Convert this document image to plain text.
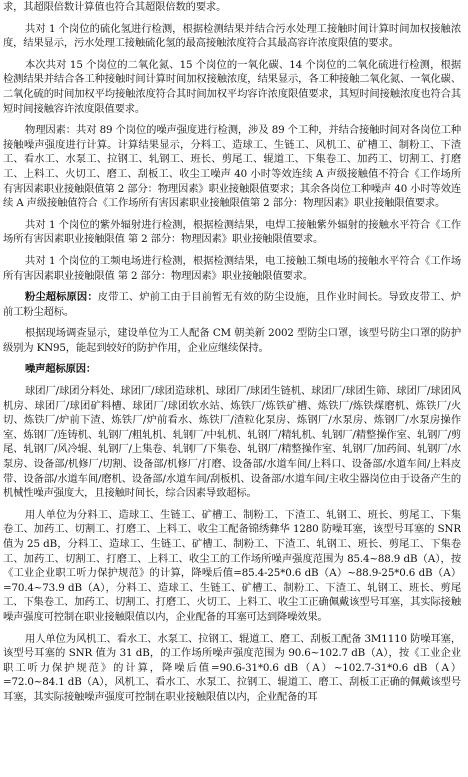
求，其超限倍数计算值也符合其超限倍数的要求。

共对 1 个岗位的硫化氢进行检测，根据检测结果并结合污水处理工接触时间计算时间加权接触浓度，结果显示，污水处理工接触硫化氢的最高接触浓度符合其最高容许浓度限值的要求。

本次共对 15 个岗位的二氧化氮、15 个岗位的一氧化碳、14 个岗位的二氧化硫进行检测，根据检测结果并结合各工种接触时间计算时间加权接触浓度，结果显示，各工种接触二氧化氮、一氧化碳、二氧化硫的时间加权平均接触浓度符合其时间加权平均容许浓度限值要求，其短时间接触浓度也符合其短时间接触容许浓度限值要求。

物理因素：共对 89 个岗位的噪声强度进行检测，涉及 89 个工种，并结合接触时间对各岗位工种接触噪声强度进行计算。计算结果显示，分料工、造球工、生链工、风机工、矿槽工、制粉工、下渣工、看水工、水泵工、拉钢工、轧钢工、班长、剪尾工、辊道工、下集卷工、加药工、切割工、打磨工、上料工、火切工、磨工、刮板工、收尘工噪声 40 小时等效连续 A 声级接触值不符合《工作场所有害因素职业接触限值第 2 部分：物理因素》职业接触限值要求；其余各岗位工种噪声 40 小时等效连续 A 声级接触值符合《工作场所有害因素职业接触限值第 2 部分：物理因素》职业接触限值要求。

共对 1 个岗位的紫外辐射进行检测，根据检测结果，电焊工接触紫外辐射的接触水平符合《工作场所有害因素职业接触限值 第 2 部分：物理因素》职业接触限值要求。

共对 1 个岗位的工频电场进行检测，根据检测结果，电工接触工频电场的接触水平符合《工作场所有害因素职业接触限值 第 2 部分：物理因素》职业接触限值要求。

粉尘超标原因：皮带工、炉前工由于目前暂无有效的防尘设施，且作业时间长。导致皮带工、炉前工粉尘超标。

根据现场调查显示，建设单位为工人配备 CM 朝美新 2002 型防尘口罩，该型号防尘口罩的防护级别为 KN95，能起到较好的防护作用，企业应继续保持。

噪声超标原因：

球团厂/球团分料处、球团厂/球团造球机、球团厂/球团生链机、球团厂/球团生筛、球团厂/球团风机房、球团厂/球团矿料槽、球团厂/球团软水站、炼铁厂/炼铁矿槽、炼铁厂/炼铁煤磨机、炼铁厂/火切、炼铁厂/炉前下渣、炼铁厂/炉前看水、炼铁厂/渣粒化泵房、炼钢厂/水泵房、炼钢厂/水泵房操作室、炼钢厂/连铸机、轧钢厂/粗轧机、轧钢厂/中轧机、轧钢厂/精轧机、轧钢厂/精整操作室、轧钢厂/剪尾、轧钢厂/风冷辊、轧钢厂/上集卷、轧钢厂/下集卷、轧钢厂/精整操作室、轧钢厂/加药间、轧钢厂/水泵房、设备部/机修厂/切割、设备部/机修厂/打磨、设备部/水道车间/上料口、设备部/水道车间/上料皮带、设备部/水道车间/磨机、设备部/水道车间/刮板机、设备部/水道车间/主收尘器岗位由于设备产生的机械性噪声强度大，且接触时间长，综合因素导致超标。

用人单位为分料工、造球工、生链工、矿槽工、制粉工、下渣工、轧钢工、班长、剪尾工、下集卷工、加药工、切割工、打磨工、上料工、收尘工配备锦绣彝华 1280 防噪耳塞，该型号耳塞的 SNR 值为 25 dB，分料工、造球工、生链工、矿槽工、制粉工、下渣工、轧钢工、班长、剪尾工、下集卷工、加药工、切割工、打磨工、上料工、收尘工的工作场所噪声强度范围为 85.4~88.9 dB（A），按《工业企业职工听力保护规范》的计算，降噪后值=85.4-25*0.6 dB（A）~88.9-25*0.6 dB（A）=70.4~73.9 dB（A），分料工、造球工、生链工、矿槽工、制粉工、下渣工、轧钢工、班长、剪尾工、下集卷工、加药工、切割工、打磨工、火切工、上料工、收尘工正确佩戴该型号耳塞，其实际接触噪声强度可控制在职业接触限值以内，企业配备的耳塞可达到降噪效果。

用人单位为风机工、看水工、水泵工、拉钢工、辊道工、磨工、刮板工配备 3M1110 防噪耳塞，该型号耳塞的 SNR 值为 31 dB，的工作场所噪声强度范围为 90.6~102.7 dB（A），按《工业企业职工听力保护规范》的计算，降噪后值=90.6-31*0.6 dB（A）~102.7-31*0.6 dB（A）=72.0~84.1 dB（A），风机工、看水工、水泵工、拉钢工、辊道工、磨工、刮板工正确的佩戴该型号耳塞，其实际接触噪声强度可控制在职业接触限值以内，企业配备的耳
